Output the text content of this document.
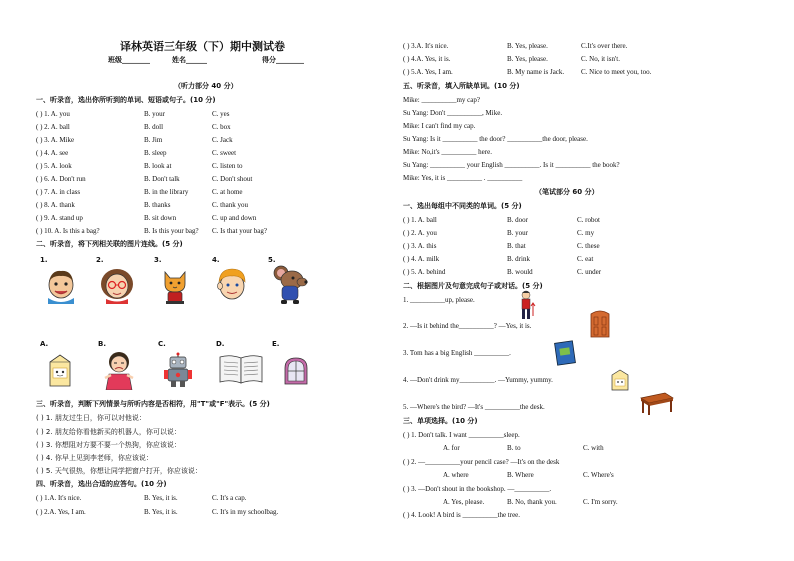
译林英语三年级（下）期中测试卷
班级________	姓名______	得分________
（听力部分 40 分）
一、听录音，选出你所听到的单词、短语或句子。(10 分)
( ) 1. A. you	B. your	C. yes
( ) 2. A. ball	B. doll	C. box
( ) 3. A. Mike	B. Jim	C. Jack
( ) 4. A. see	B. sleep	C. sweet
( ) 5. A. look	B. look at	C. listen to
( ) 6. A. Don't run	B. Don't talk	C. Don't shout
( ) 7. A. in class	B. in the library	C. at home
( ) 8. A. thank	B. thanks	C. thank you
( ) 9. A. stand up	B. sit down	C. up and down
( ) 10. A. Is this a bag?	B. Is this your bag? C. Is that your bag?
二、听录音，将下列相关联的图片连线。(5 分)
1.	2.	3.	4.	5.
A.	B.	C.	D.	E.
三、听录音，判断下列情景与所听内容是否相符，用"T"或"F"表示。(5 分)
( ) 1. 朋友过生日，你可以对他说：
( ) 2. 朋友给你看他新买的机器人，你可以说：
( ) 3. 你想阻对方要不要一个热狗，你应该说：
( ) 4. 你早上见到李老师，你应该说：
( ) 5. 天气很热，你想让同学把窗户打开，你应该说：
四、听录音，选出合适的应答句。(10 分)
( ) 1.A. It's nice.	B. Yes, it is.	C. It's a cap.
( ) 2.A. Yes, I am.	B. Yes, it is.	C. It's in my schoolbag.
( ) 3.A. It's nice.	B. Yes, please.	C.It's over there.
( ) 4.A. Yes, it is.	B. Yes, please.	C. No, it isn't.
( ) 5.A. Yes, I am.	B. My name is Jack. C. Nice to meet you, too.
五、听录音，填入所缺单词。(10 分)
Mike: __________my cap?
Su Yang: Don't __________, Mike.
Mike: I can't find my cap.
Su Yang: Is it __________ the door? __________the door, please.
Mike: No,it's __________ here.
Su Yang: __________ your English __________. Is it __________ the book?
Mike: Yes, it is __________ . __________
（笔试部分 60 分）
一、选出每组中不同类的单词。(5 分)
( ) 1. A. ball	B. door	C. robot
( ) 2. A. you	B. your	C. my
( ) 3. A. this	B. that	C. these
( ) 4. A. milk	B. drink	C. eat
( ) 5. A. behind	B. would	C. under
二、根据图片及句意完成句子或对话。(5 分)
1. __________up, please.
2. —Is it behind the__________? —Yes, it is.
3. Tom has a big English __________.
4. —Don't drink my__________. —Yummy, yummy.
5. —Where's the bird? —It's __________the desk.
三、单项选择。(10 分)
( ) 1. Don't talk. I want __________sleep.
A. for	B. to	C. with
( ) 2. —__________your pencil case? —It's on the desk
A. where	B. Where	C. Where's
( ) 3. —Don't shout in the bookshop. —__________.
A. Yes, please.	B. No, thank you.	C. I'm sorry.
( ) 4. Look! A bird is __________the tree.
